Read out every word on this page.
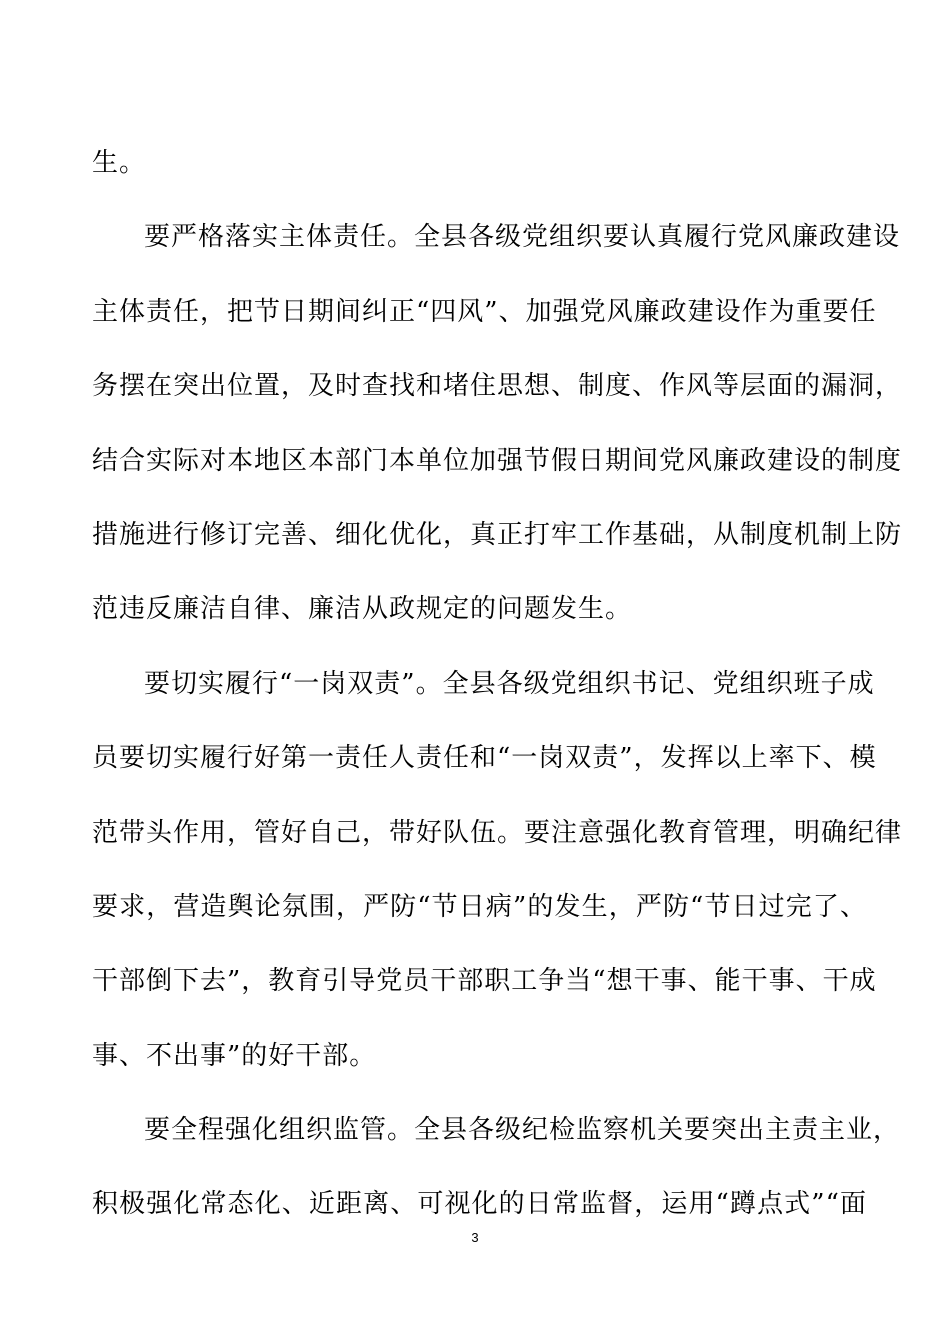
生。
要严格落实主体责任。全县各级党组织要认真履行党风廉政建设
主体责任，把节日期间纠正“四风”、加强党风廉政建设作为重要任
务摆在突出位置，及时查找和堵住思想、制度、作风等层面的漏洞，
结合实际对本地区本部门本单位加强节假日期间党风廉政建设的制度
措施进行修订完善、细化优化，真正打牢工作基础，从制度机制上防
范违反廉洁自律、廉洁从政规定的问题发生。
要切实履行“一岗双责”。全县各级党组织书记、党组织班子成
员要切实履行好第一责任人责任和“一岗双责”，发挥以上率下、模
范带头作用，管好自己，带好队伍。要注意强化教育管理，明确纪律
要求，营造舆论氛围，严防“节日病”的发生，严防“节日过完了、
干部倒下去”，教育引导党员干部职工争当“想干事、能干事、干成
事、不出事”的好干部。
要全程强化组织监管。全县各级纪检监察机关要突出主责主业，
积极强化常态化、近距离、可视化的日常监督，运用“蹲点式”“面
3
